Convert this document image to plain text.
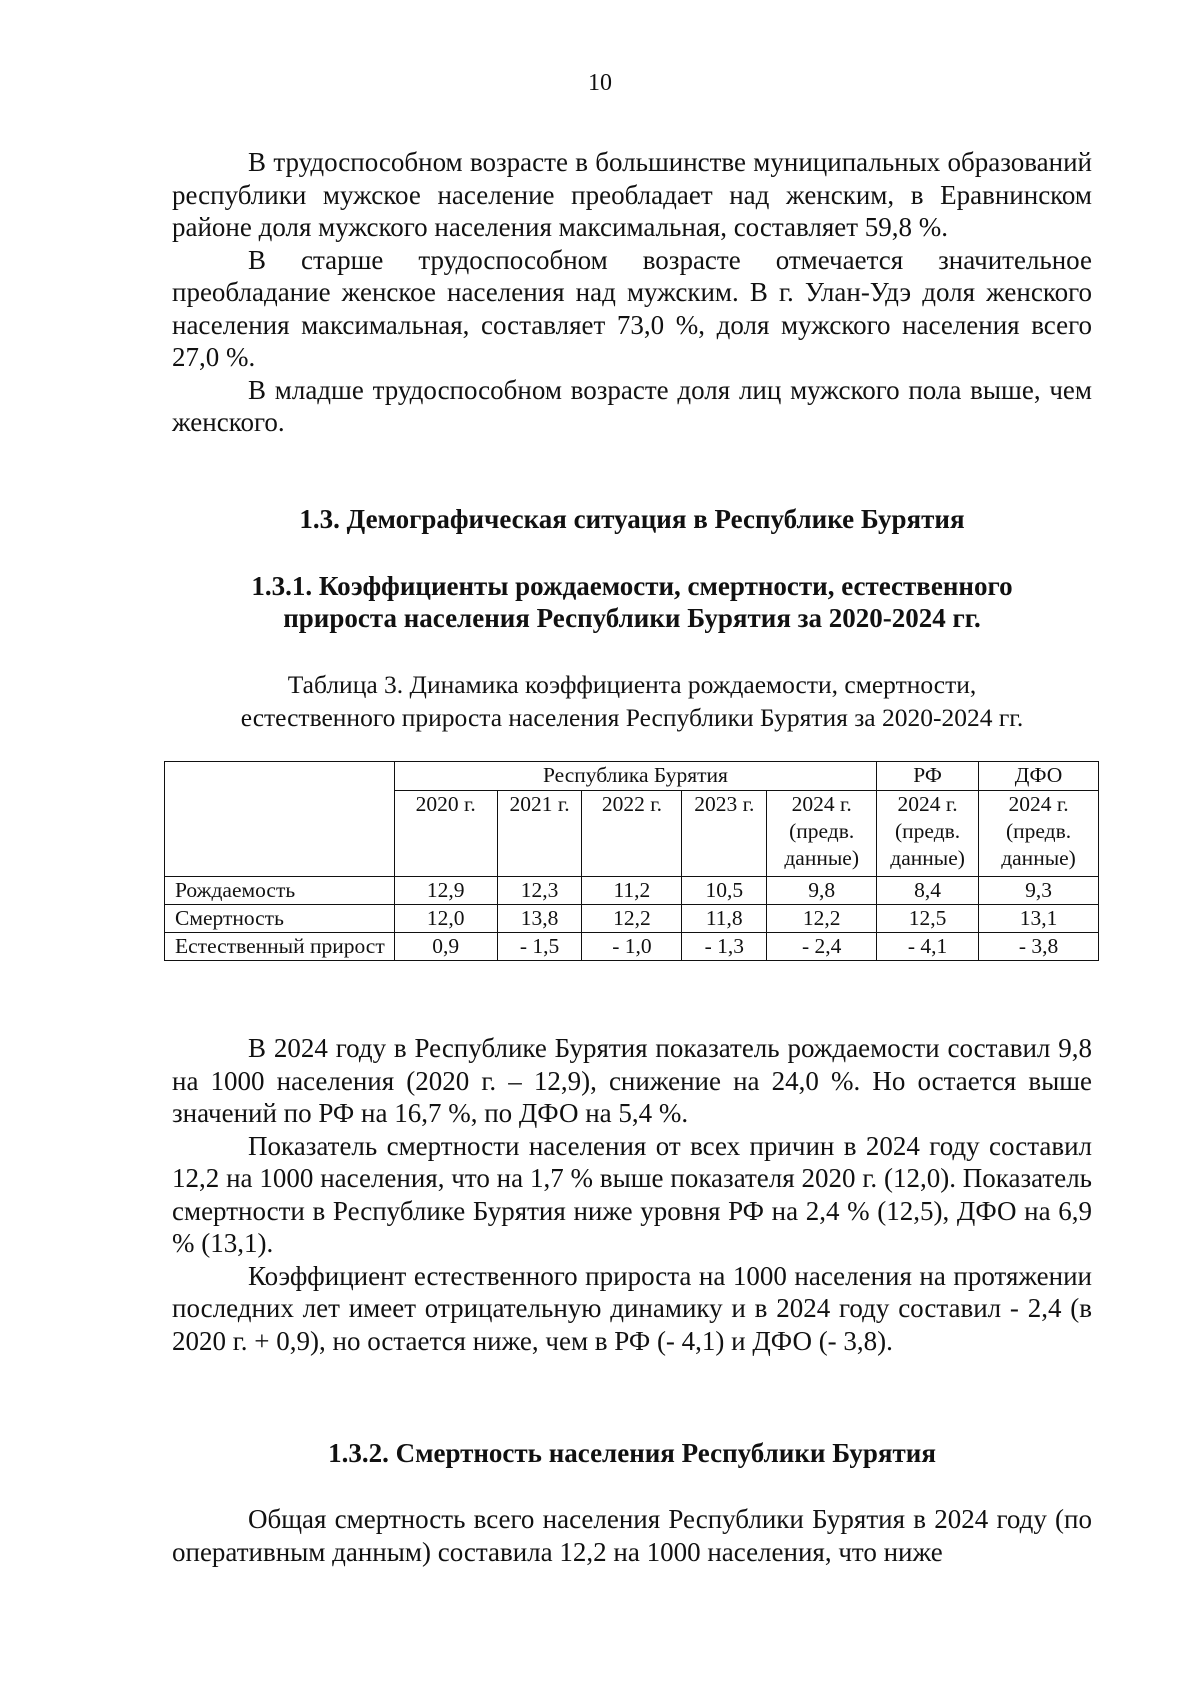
10

В трудоспособном возрасте в большинстве муниципальных образований республики мужское население преобладает над женским, в Еравнинском районе доля мужского населения максимальная, составляет 59,8 %.

В старше трудоспособном возрасте отмечается значительное преобладание женское населения над мужским. В г. Улан-Удэ доля женского населения максимальная, составляет 73,0 %, доля мужского населения всего 27,0 %.

В младше трудоспособном возрасте доля лиц мужского пола выше, чем женского.

1.3. Демографическая ситуация в Республике Бурятия

1.3.1. Коэффициенты рождаемости, смертности, естественного

прироста населения Республики Бурятия за 2020-2024 гг.

Таблица 3. Динамика коэффициента рождаемости, смертности,

естественного прироста населения Республики Бурятия за 2020-2024 гг.

	Республика Бурятия					РФ	ДФО
	2020 г.	2021 г.	2022 г.	2023 г.	2024 г. (предв. данные)	2024 г. (предв. данные)	2024 г. (предв. данные)
Рождаемость	12,9	12,3	11,2	10,5	9,8	8,4	9,3
Смертность	12,0	13,8	12,2	11,8	12,2	12,5	13,1
Естественный прирост	0,9	- 1,5	- 1,0	- 1,3	- 2,4	- 4,1	- 3,8

В 2024 году в Республике Бурятия показатель рождаемости составил 9,8 на 1000 населения (2020 г. – 12,9), снижение на 24,0 %. Но остается выше значений по РФ на 16,7 %, по ДФО на 5,4 %.

Показатель смертности населения от всех причин в 2024 году составил 12,2 на 1000 населения, что на 1,7 % выше показателя 2020 г. (12,0). Показатель смертности в Республике Бурятия ниже уровня РФ на 2,4 % (12,5), ДФО на 6,9 % (13,1).

Коэффициент естественного прироста на 1000 населения на протяжении последних лет имеет отрицательную динамику и в 2024 году составил - 2,4 (в 2020 г. + 0,9), но остается ниже, чем в РФ (- 4,1) и ДФО (- 3,8).

1.3.2. Смертность населения Республики Бурятия

Общая смертность всего населения Республики Бурятия в 2024 году (по оперативным данным) составила 12,2 на 1000 населения, что ниже
